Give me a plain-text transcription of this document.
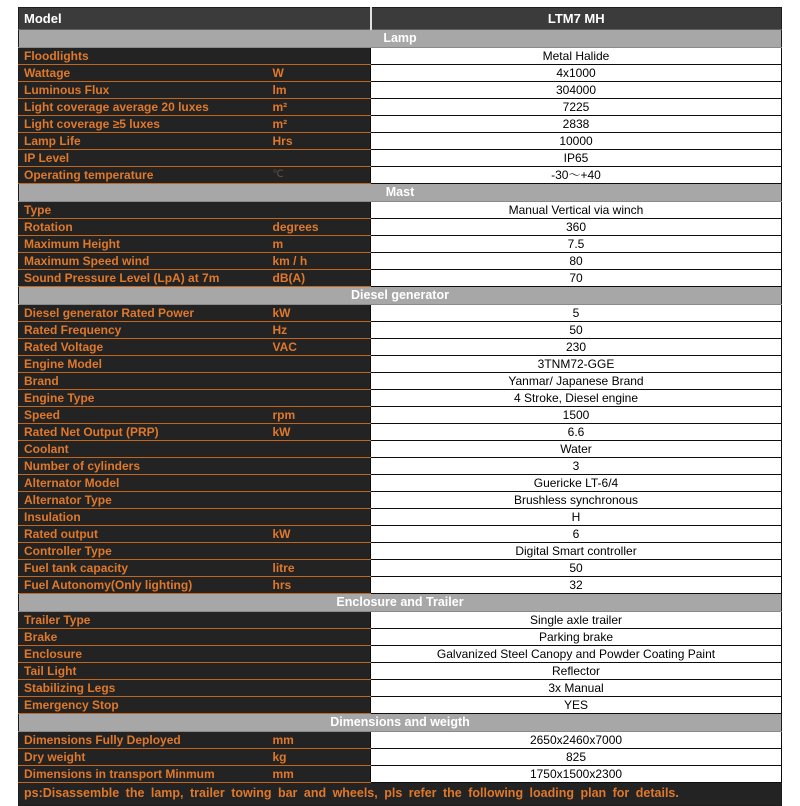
Model		LTM7 MH
Lamp		
Floodlights		Metal Halide
Wattage	W	4x1000
Luminous Flux	lm	304000
Light coverage average 20 luxes	m²	7225
Light coverage ≥5 luxes	m²	2838
Lamp Life	Hrs	10000
IP Level		IP65
Operating temperature	℃	-30～+40
Mast		
Type		Manual Vertical via winch
Rotation	degrees	360
Maximum Height	m	7.5
Maximum Speed wind	km / h	80
Sound Pressure Level (LpA) at 7m	dB(A)	70
Diesel generator		
Diesel generator Rated Power	kW	5
Rated Frequency	Hz	50
Rated Voltage	VAC	230
Engine Model		3TNM72-GGE
Brand		Yanmar/ Japanese Brand
Engine Type		4 Stroke, Diesel engine
Speed	rpm	1500
Rated Net Output (PRP)	kW	6.6
Coolant		Water
Number of cylinders		3
Alternator Model		Guericke LT-6/4
Alternator Type		Brushless synchronous
Insulation		H
Rated output	kW	6
Controller Type		Digital Smart controller
Fuel tank capacity	litre	50
Fuel Autonomy(Only lighting)	hrs	32
Enclosure and Trailer		
Trailer Type		Single axle trailer
Brake		Parking brake
Enclosure		Galvanized Steel Canopy and Powder Coating Paint
Tail Light		Reflector
Stabilizing Legs		3x Manual
Emergency Stop		YES
Dimensions and weigth		
Dimensions Fully Deployed	mm	2650x2460x7000
Dry weight	kg	825
Dimensions in transport Minmum	mm	1750x1500x2300
ps:Disassemble the lamp, trailer towing bar and wheels, pls refer the following loading plan for details.		
